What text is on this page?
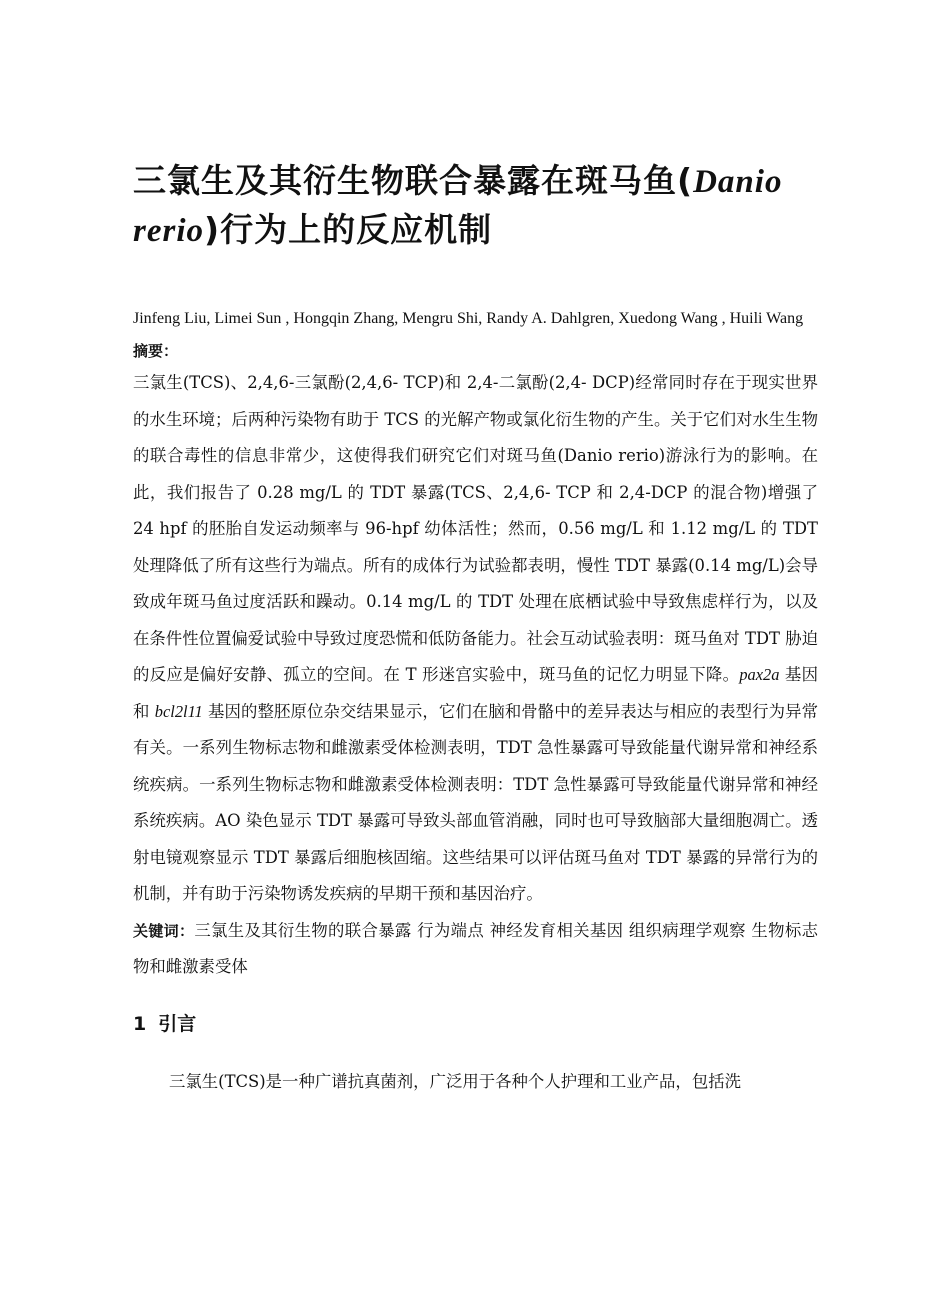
三氯生及其衍生物联合暴露在斑马鱼(Danio
rerio)行为上的反应机制
Jinfeng Liu, Limei Sun , Hongqin Zhang, Mengru Shi, Randy A. Dahlgren, Xuedong Wang , Huili Wang
摘要：

三氯生(TCS)、2,4,6-三氯酚(2,4,6- TCP)和 2,4-二氯酚(2,4- DCP)经常同时存在于现实世界的水生环境；后两种污染物有助于 TCS 的光解产物或氯化衍生物的产生。关于它们对水生生物的联合毒性的信息非常少，这使得我们研究它们对斑马鱼(Danio rerio)游泳行为的影响。在此，我们报告了 0.28 mg/L 的 TDT 暴露(TCS、2,4,6- TCP 和 2,4-DCP 的混合物)增强了 24 hpf 的胚胎自发运动频率与 96-hpf 幼体活性；然而，0.56 mg/L 和 1.12 mg/L 的 TDT 处理降低了所有这些行为端点。所有的成体行为试验都表明，慢性 TDT 暴露(0.14 mg/L)会导致成年斑马鱼过度活跃和躁动。0.14 mg/L 的 TDT 处理在底栖试验中导致焦虑样行为，以及在条件性位置偏爱试验中导致过度恐慌和低防备能力。社会互动试验表明：斑马鱼对 TDT 胁迫的反应是偏好安静、孤立的空间。在 T 形迷宫实验中，斑马鱼的记忆力明显下降。pax2a 基因和 bcl2l11 基因的整胚原位杂交结果显示，它们在脑和骨骼中的差异表达与相应的表型行为异常有关。一系列生物标志物和雌激素受体检测表明，TDT 急性暴露可导致能量代谢异常和神经系统疾病。一系列生物标志物和雌激素受体检测表明：TDT 急性暴露可导致能量代谢异常和神经系统疾病。AO 染色显示 TDT 暴露可导致头部血管消融，同时也可导致脑部大量细胞凋亡。透射电镜观察显示 TDT 暴露后细胞核固缩。这些结果可以评估斑马鱼对 TDT 暴露的异常行为的机制，并有助于污染物诱发疾病的早期干预和基因治疗。

关键词：三氯生及其衍生物的联合暴露 行为端点 神经发育相关基因 组织病理学观察 生物标志物和雌激素受体

1 引言
三氯生(TCS)是一种广谱抗真菌剂，广泛用于各种个人护理和工业产品，包括洗
